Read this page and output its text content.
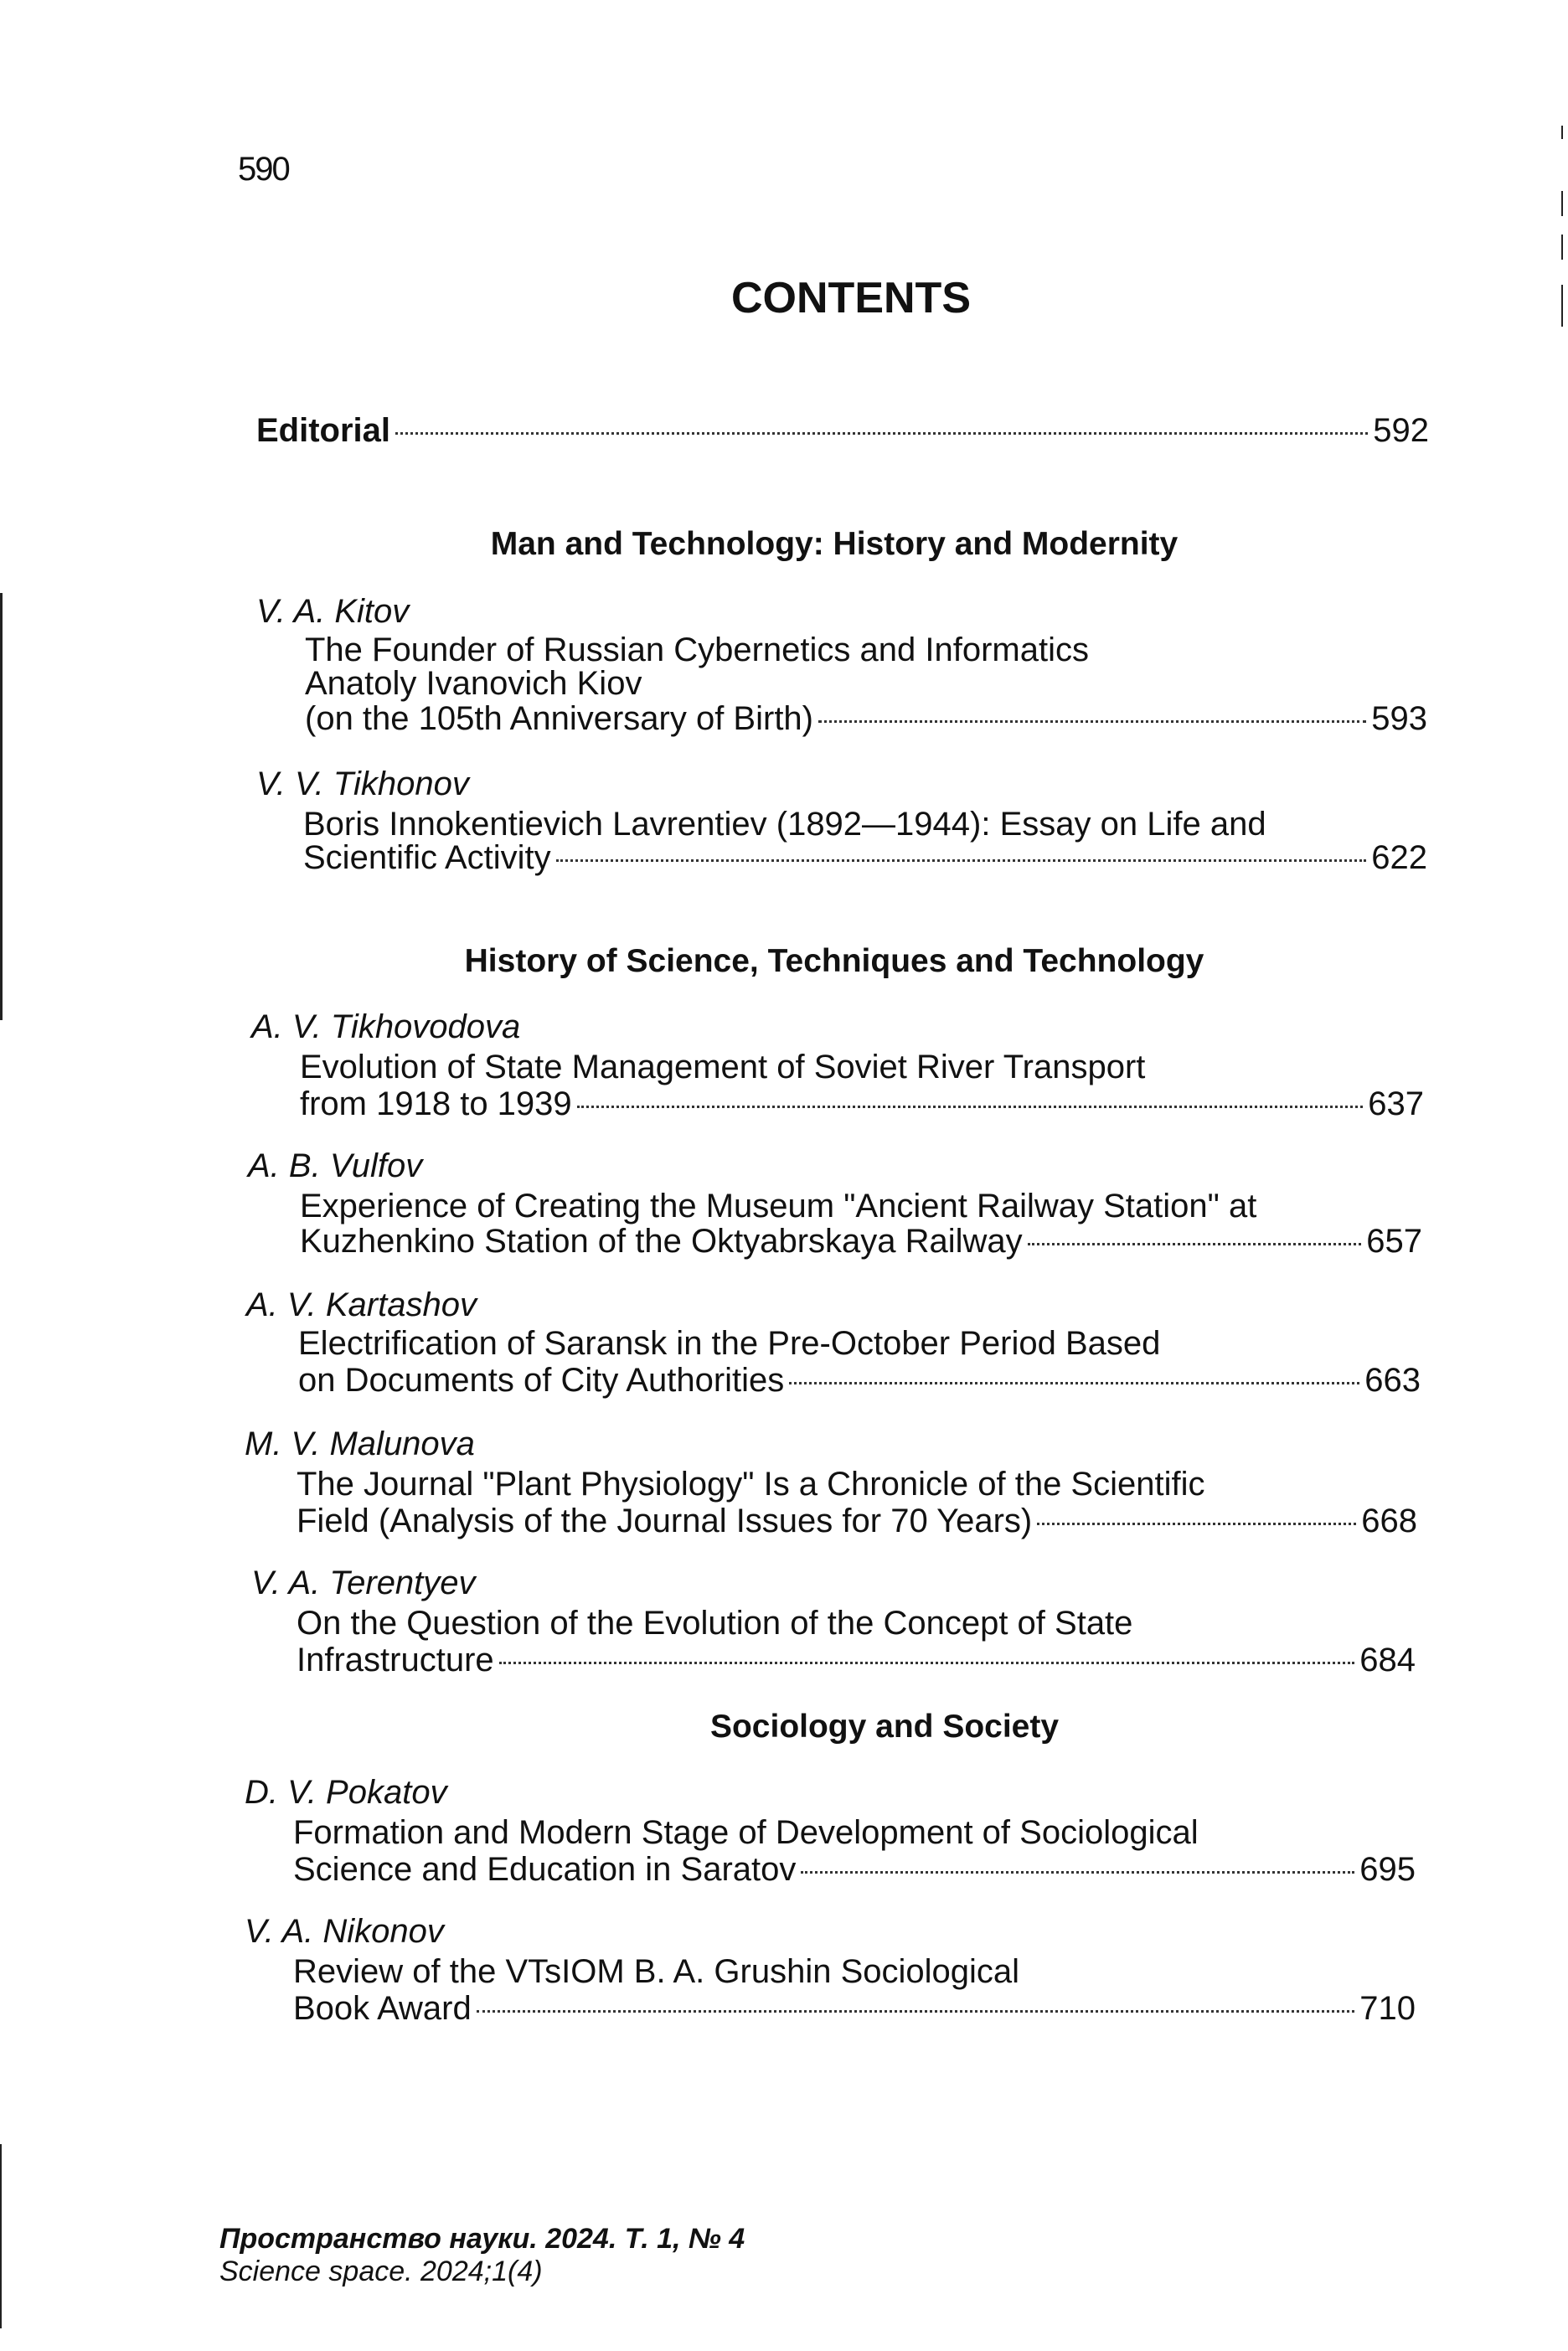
590
CONTENTS
Editorial	592
Man and Technology: History and Modernity
V. A. Kitov
The Founder of Russian Cybernetics and Informatics
Anatoly Ivanovich Kiov
(on the 105th Anniversary of Birth)	593
V. V. Tikhonov
Boris Innokentievich Lavrentiev (1892—1944): Essay on Life and
Scientific Activity	622
History of Science, Techniques and Technology
A. V. Tikhovodova
Evolution of State Management of Soviet River Transport
from 1918 to 1939	637
A. B. Vulfov
Experience of Creating the Museum "Ancient Railway Station" at
Kuzhenkino Station of the Oktyabrskaya Railway	657
A. V. Kartashov
Electrification of Saransk in the Pre-October Period Based
on Documents of City Authorities	663
M. V. Malunova
The Journal "Plant Physiology" Is a Chronicle of the Scientific
Field (Analysis of the Journal Issues for 70 Years)	668
V. A. Terentyev
On the Question of the Evolution of the Concept of State
Infrastructure	684
Sociology and Society
D. V. Pokatov
Formation and Modern Stage of Development of Sociological
Science and Education in Saratov	695
V. A. Nikonov
Review of the VTsIOM B. A. Grushin Sociological
Book Award	710
Пространство науки. 2024. Т. 1, № 4
Science space. 2024;1(4)
